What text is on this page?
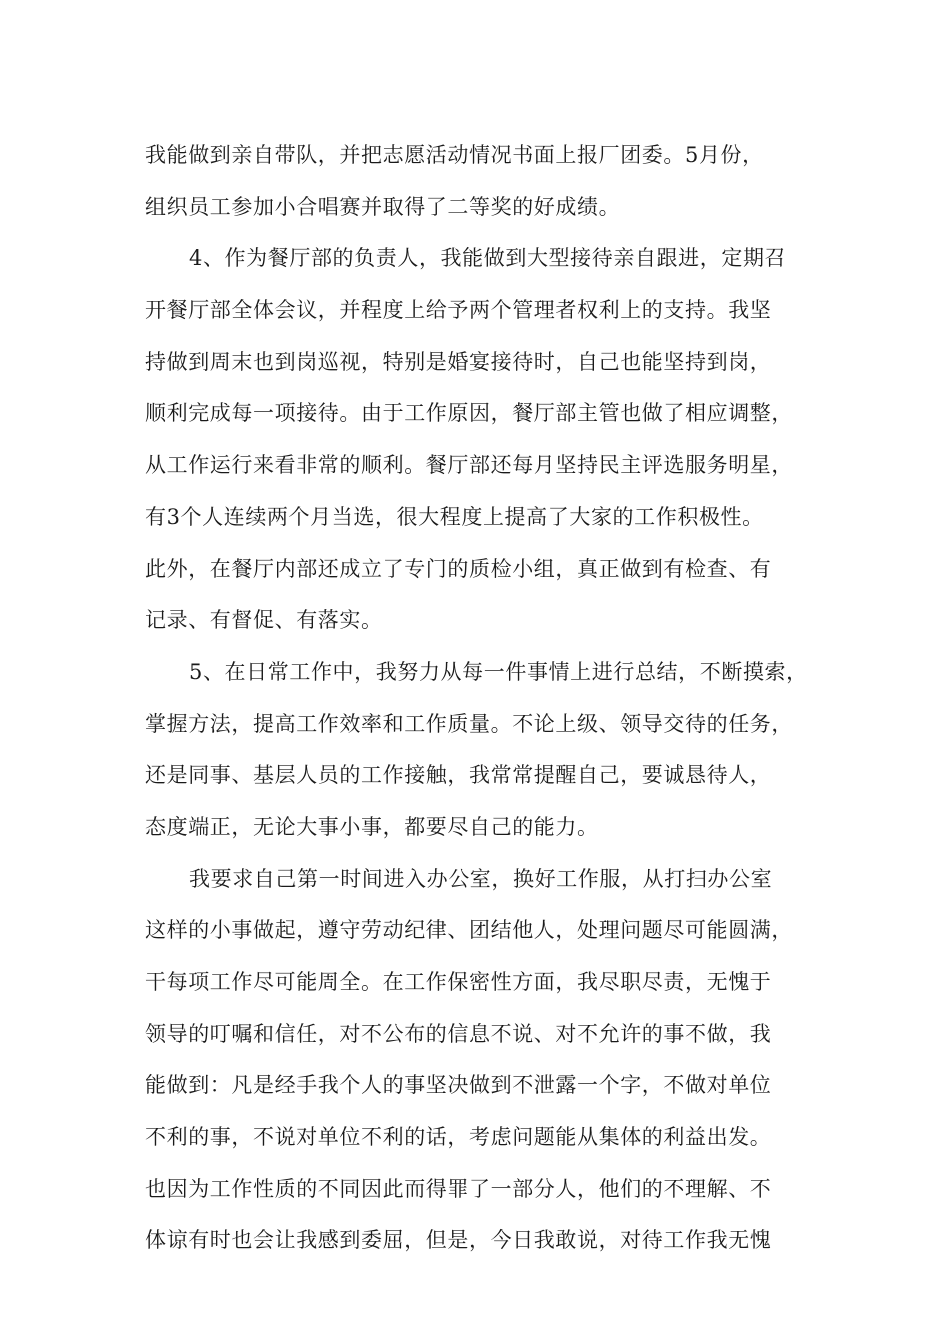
我能做到亲自带队，并把志愿活动情况书面上报厂团委。5月份，
组织员工参加小合唱赛并取得了二等奖的好成绩。
4、作为餐厅部的负责人，我能做到大型接待亲自跟进，定期召
开餐厅部全体会议，并程度上给予两个管理者权利上的支持。我坚
持做到周末也到岗巡视，特别是婚宴接待时，自己也能坚持到岗，
顺利完成每一项接待。由于工作原因，餐厅部主管也做了相应调整，
从工作运行来看非常的顺利。餐厅部还每月坚持民主评选服务明星，
有3个人连续两个月当选，很大程度上提高了大家的工作积极性。
此外，在餐厅内部还成立了专门的质检小组，真正做到有检查、有
记录、有督促、有落实。
5、在日常工作中，我努力从每一件事情上进行总结，不断摸索，
掌握方法，提高工作效率和工作质量。不论上级、领导交待的任务，
还是同事、基层人员的工作接触，我常常提醒自己，要诚恳待人，
态度端正，无论大事小事，都要尽自己的能力。
我要求自己第一时间进入办公室，换好工作服，从打扫办公室
这样的小事做起，遵守劳动纪律、团结他人，处理问题尽可能圆满，
干每项工作尽可能周全。在工作保密性方面，我尽职尽责，无愧于
领导的叮嘱和信任，对不公布的信息不说、对不允许的事不做，我
能做到：凡是经手我个人的事坚决做到不泄露一个字，不做对单位
不利的事，不说对单位不利的话，考虑问题能从集体的利益出发。
也因为工作性质的不同因此而得罪了一部分人，他们的不理解、不
体谅有时也会让我感到委屈，但是，今日我敢说，对待工作我无愧
